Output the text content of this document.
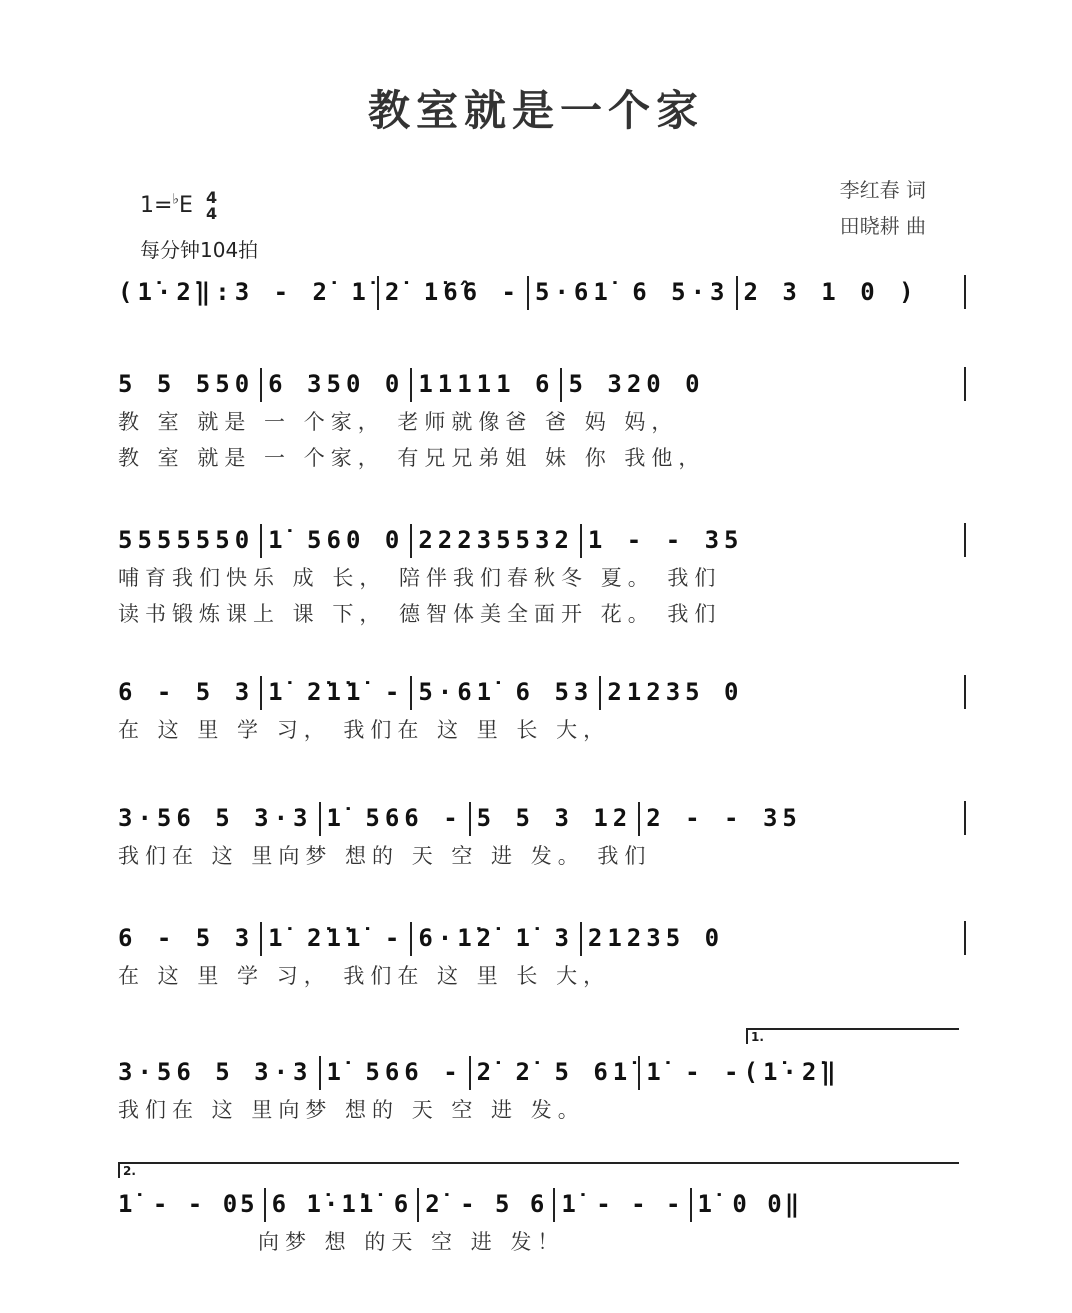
教室就是一个家
1=♭E 4
4
每分钟104拍
李红春 词
田晓耕 曲
(1̇·2̇‖:3 - 2̇ 1̇ 2̇ 1̇6̂6 - 5·61̇ 6 5·3 2 3 1 0 )
5 5 550 6 350 0 11111 6 5 320 0
教 室 就是 一 个家， 老师就像爸 爸 妈 妈，
教 室 就是 一 个家， 有兄兄弟姐 妹 你 我他，
5555550 1̇ 560 0 22235532 1 - - 35
哺育我们快乐 成 长， 陪伴我们春秋冬 夏。 我们
读书锻炼课上 课 下， 德智体美全面开 花。 我们
6 - 5 3 1̇ 2̇1̇1̇ - 5·61̇ 6 53 21235 0
在 这 里 学 习， 我们在 这 里 长 大，
3·56 5 3·3 1̇ 566 - 5 5 3 12 2 - - 35
我们在 这 里向梦 想的 天 空 进 发。 我们
6 - 5 3 1̇ 2̇1̇1̇ - 6·1̇2̇ 1̇ 3 21235 0
在 这 里 学 习， 我们在 这 里 长 大，
1.
3·56 5 3·3 1̇ 566 - 2̇ 2̇ 5 61̇ 1̇ - -(1̇·2̇‖
我们在 这 里向梦 想的 天 空 进 发。
2.
1̇ - - 05 6 1̇·1̇1̇ 6 2̇ - 5 6 1̇ - - - 1̇ 0 0‖
向梦 想 的天 空 进 发！
